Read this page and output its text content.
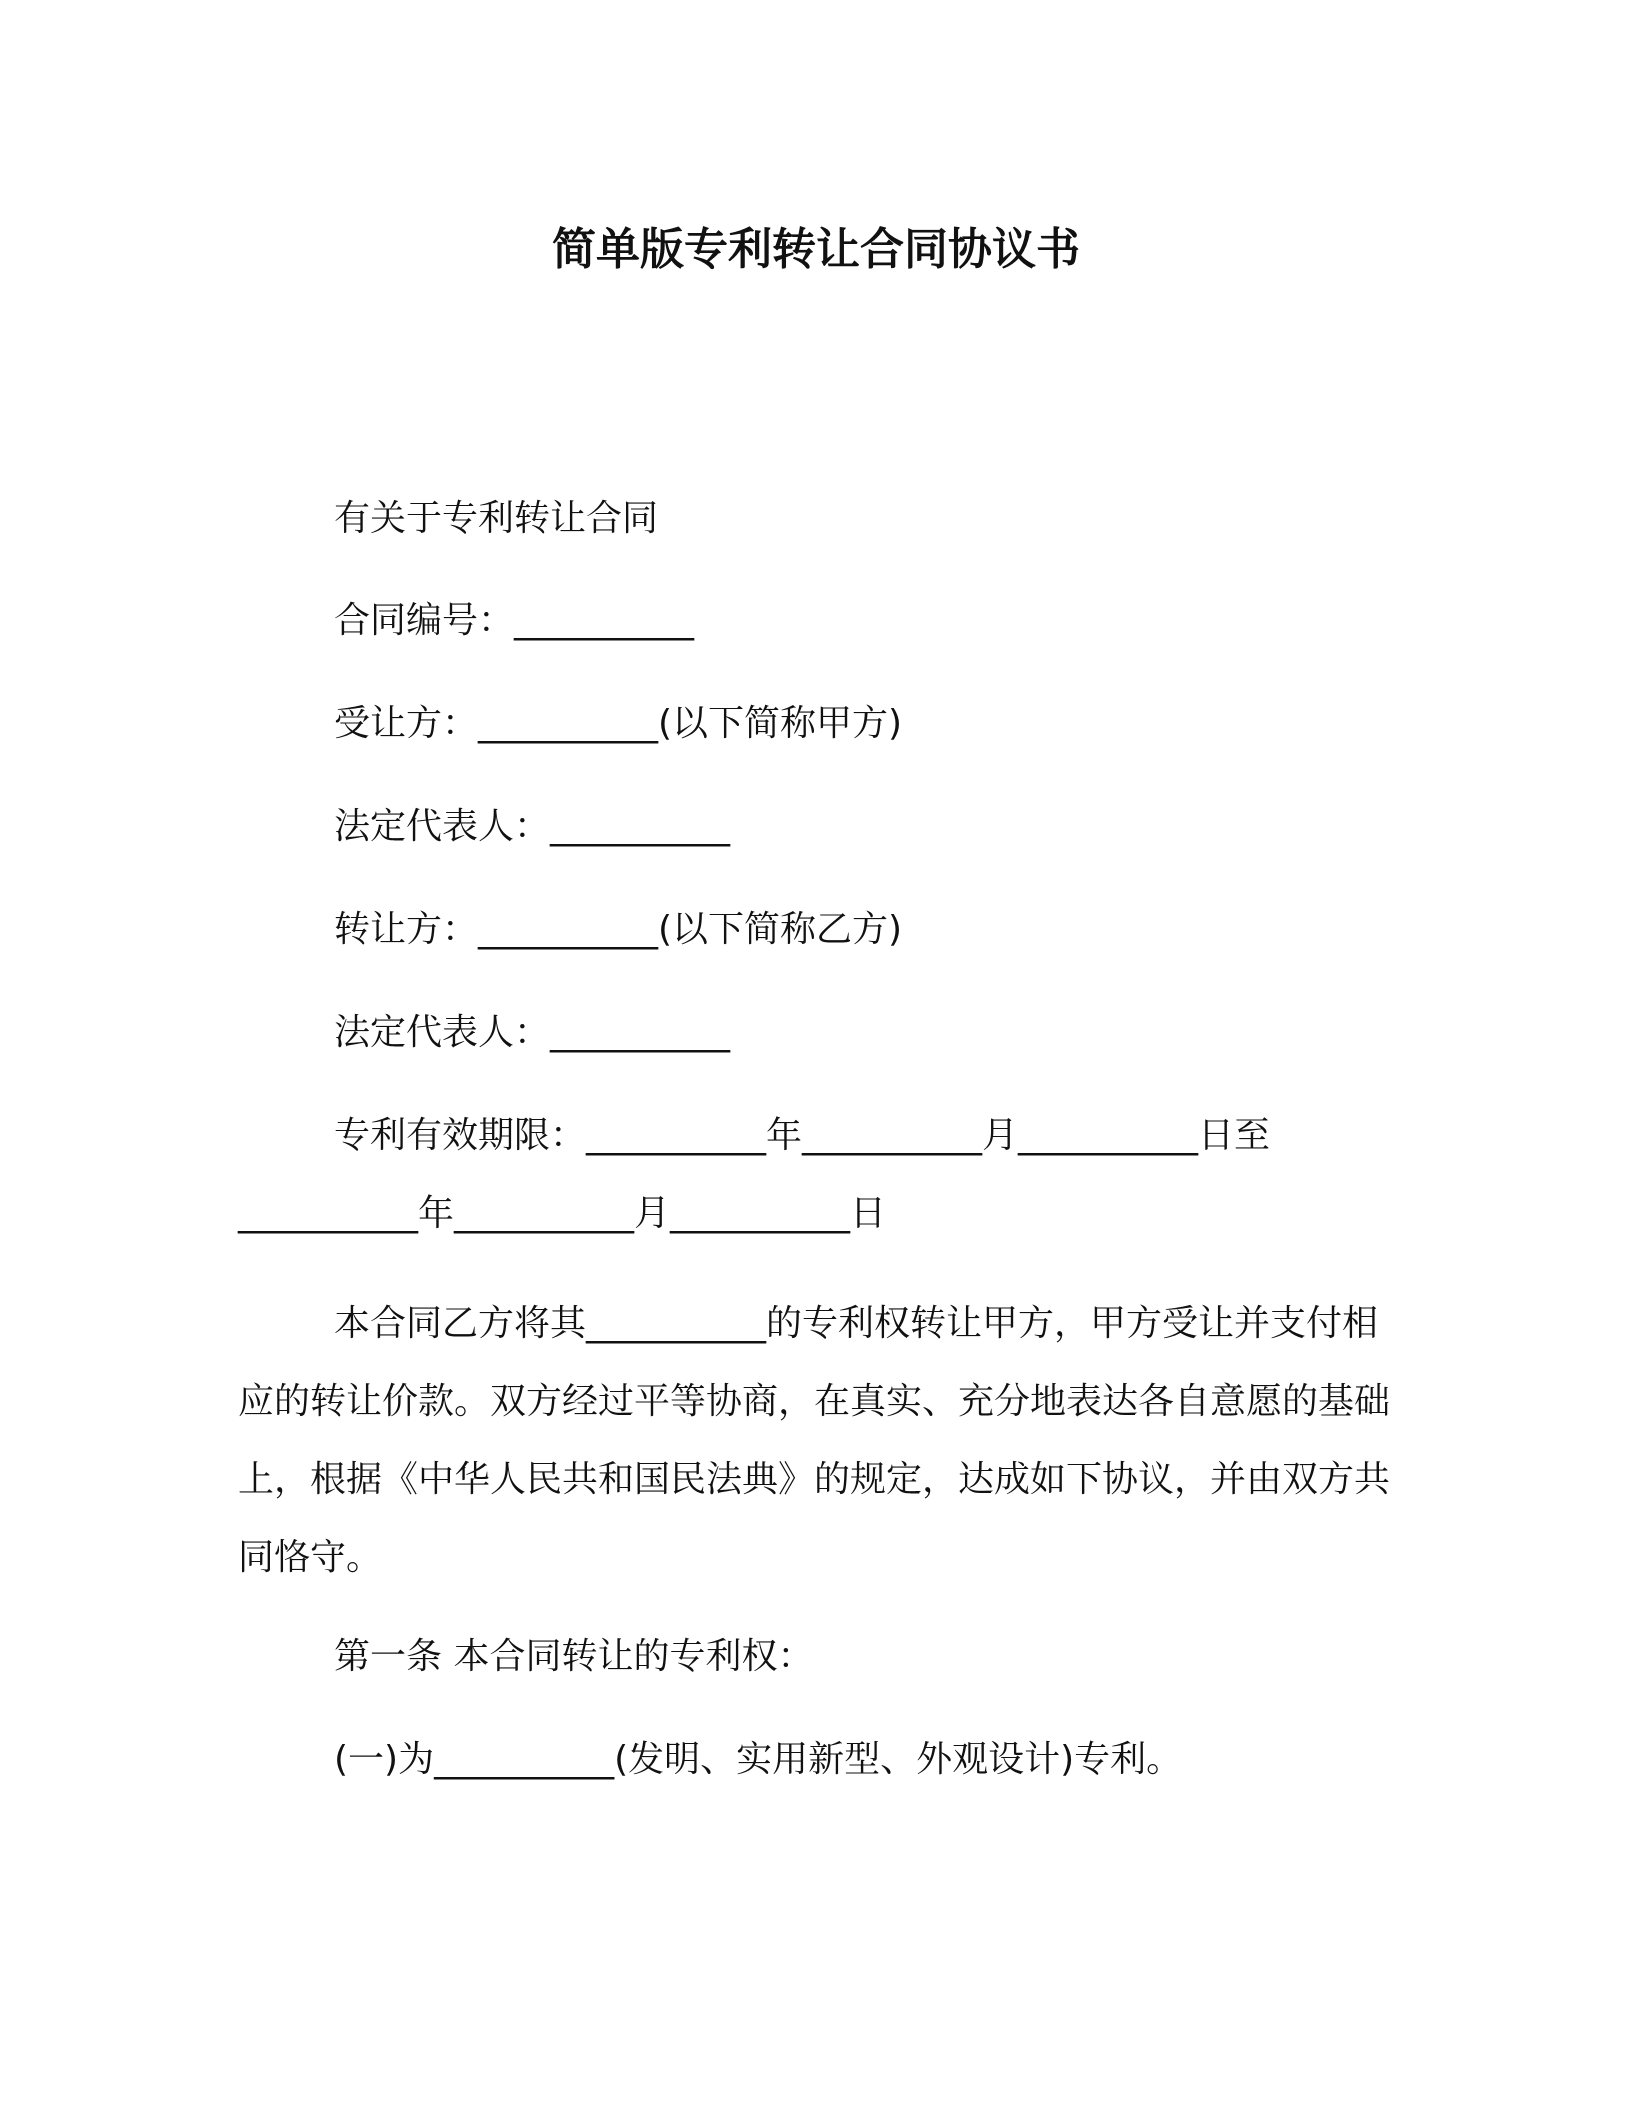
简单版专利转让合同协议书
有关于专利转让合同
合同编号：__________
受让方：__________(以下简称甲方)
法定代表人：__________
转让方：__________(以下简称乙方)
法定代表人：__________
专利有效期限：__________年__________月__________日至
__________年__________月__________日
本合同乙方将其__________的专利权转让甲方，甲方受让并支付相应的转让价款。双方经过平等协商，在真实、充分地表达各自意愿的基础上，根据《中华人民共和国民法典》的规定，达成如下协议，并由双方共同恪守。
第一条 本合同转让的专利权：
(一)为__________(发明、实用新型、外观设计)专利。
